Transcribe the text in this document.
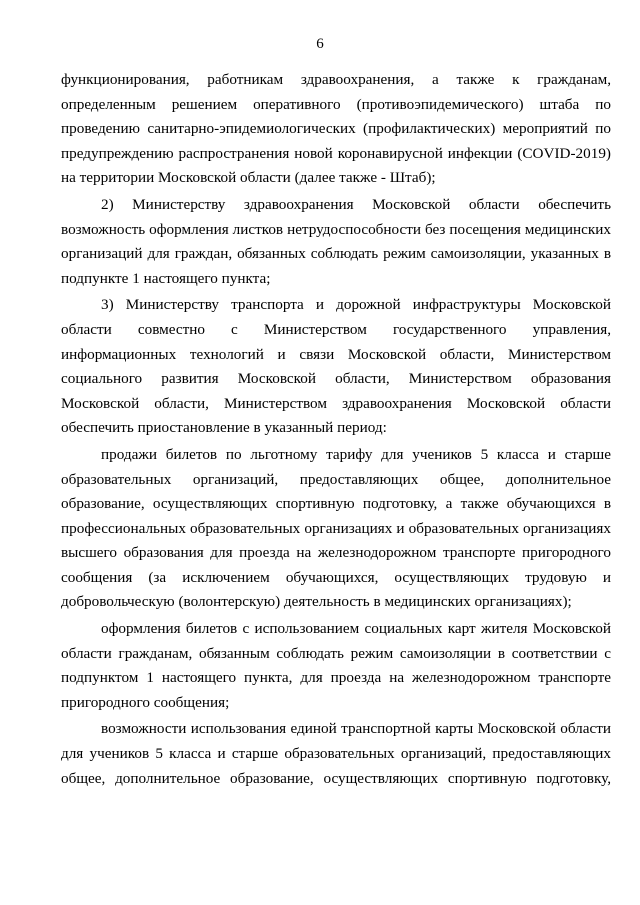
6

функционирования, работникам здравоохранения, а также к гражданам, определенным решением оперативного (противоэпидемического) штаба по проведению санитарно-эпидемиологических (профилактических) мероприятий по предупреждению распространения новой коронавирусной инфекции (COVID-2019) на территории Московской области (далее также - Штаб);

2) Министерству здравоохранения Московской области обеспечить возможность оформления листков нетрудоспособности без посещения медицинских организаций для граждан, обязанных соблюдать режим самоизоляции, указанных в подпункте 1 настоящего пункта;

3) Министерству транспорта и дорожной инфраструктуры Московской области совместно с Министерством государственного управления, информационных технологий и связи Московской области, Министерством социального развития Московской области, Министерством образования Московской области, Министерством здравоохранения Московской области обеспечить приостановление в указанный период:

продажи билетов по льготному тарифу для учеников 5 класса и старше образовательных организаций, предоставляющих общее, дополнительное образование, осуществляющих спортивную подготовку, а также обучающихся в профессиональных образовательных организациях и образовательных организациях высшего образования для проезда на железнодорожном транспорте пригородного сообщения (за исключением обучающихся, осуществляющих трудовую и добровольческую (волонтерскую) деятельность в медицинских организациях);

оформления билетов с использованием социальных карт жителя Московской области гражданам, обязанным соблюдать режим самоизоляции в соответствии с подпунктом 1 настоящего пункта, для проезда на железнодорожном транспорте пригородного сообщения;

возможности использования единой транспортной карты Московской области для учеников 5 класса и старше образовательных организаций, предоставляющих общее, дополнительное образование, осуществляющих спортивную подготовку,
